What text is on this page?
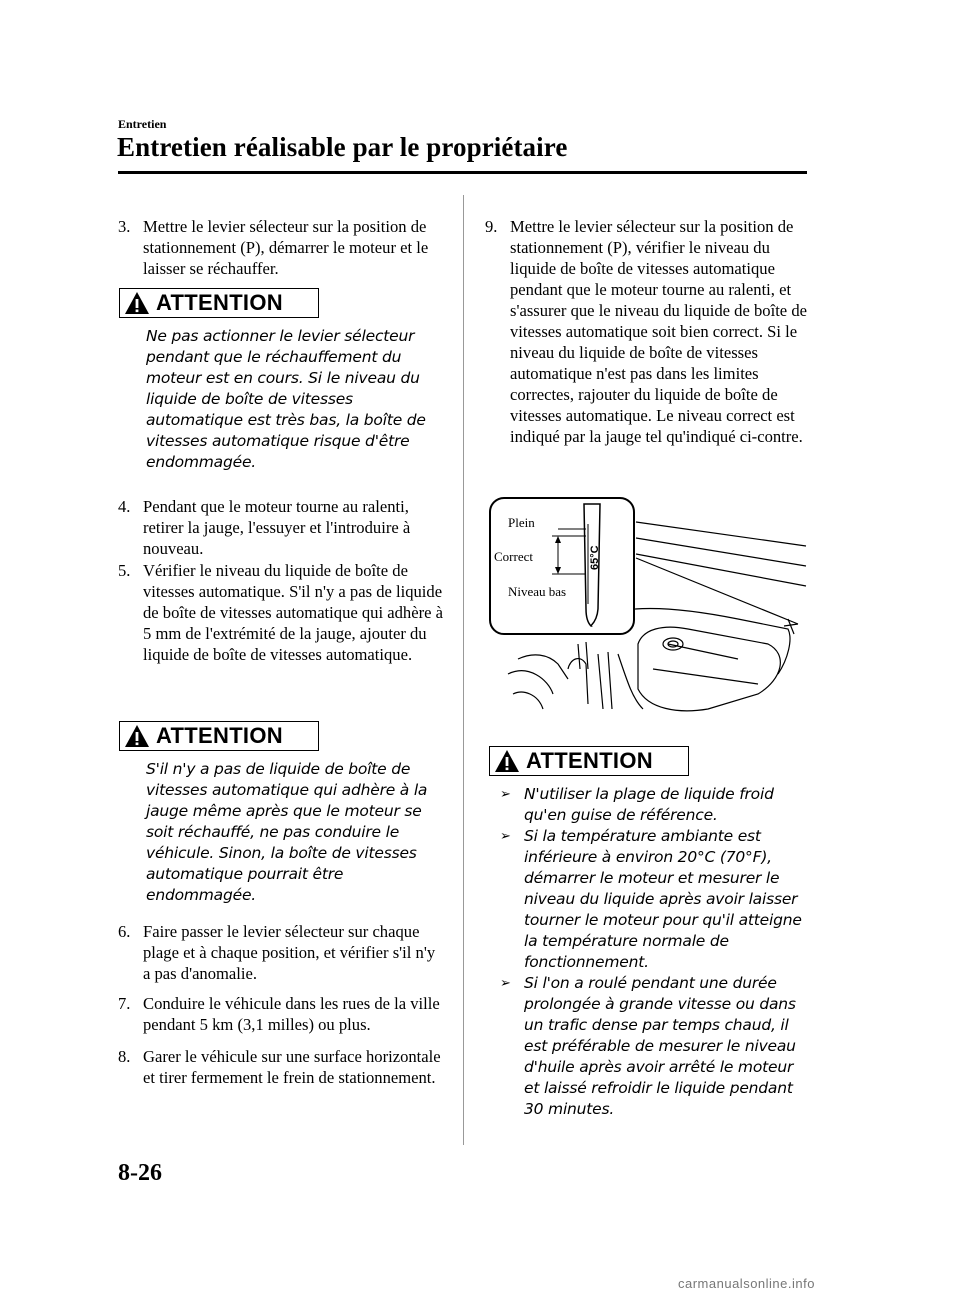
Entretien
Entretien réalisable par le propriétaire
3. Mettre le levier sélecteur sur la position de stationnement (P), démarrer le moteur et le laisser se réchauffer.
ATTENTION
Ne pas actionner le levier sélecteur pendant que le réchauffement du moteur est en cours. Si le niveau du liquide de boîte de vitesses automatique est très bas, la boîte de vitesses automatique risque d'être endommagée.
4. Pendant que le moteur tourne au ralenti, retirer la jauge, l'essuyer et l'introduire à nouveau.
5. Vérifier le niveau du liquide de boîte de vitesses automatique. S'il n'y a pas de liquide de boîte de vitesses automatique qui adhère à 5 mm de l'extrémité de la jauge, ajouter du liquide de boîte de vitesses automatique.
ATTENTION
S'il n'y a pas de liquide de boîte de vitesses automatique qui adhère à la jauge même après que le moteur se soit réchauffé, ne pas conduire le véhicule. Sinon, la boîte de vitesses automatique pourrait être endommagée.
6. Faire passer le levier sélecteur sur chaque plage et à chaque position, et vérifier s'il n'y a pas d'anomalie.
7. Conduire le véhicule dans les rues de la ville pendant 5 km (3,1 milles) ou plus.
8. Garer le véhicule sur une surface horizontale et tirer fermement le frein de stationnement.
9. Mettre le levier sélecteur sur la position de stationnement (P), vérifier le niveau du liquide de boîte de vitesses automatique pendant que le moteur tourne au ralenti, et s'assurer que le niveau du liquide de boîte de vitesses automatique soit bien correct. Si le niveau du liquide de boîte de vitesses automatique n'est pas dans les limites correctes, rajouter du liquide de boîte de vitesses automatique. Le niveau correct est indiqué par la jauge tel qu'indiqué ci-contre.
Plein
Correct
Niveau bas
65°C
ATTENTION
➢ N'utiliser la plage de liquide froid qu'en guise de référence.
➢ Si la température ambiante est inférieure à environ 20°C (70°F), démarrer le moteur et mesurer le niveau du liquide après avoir laisser tourner le moteur pour qu'il atteigne la température normale de fonctionnement.
➢ Si l'on a roulé pendant une durée prolongée à grande vitesse ou dans un trafic dense par temps chaud, il est préférable de mesurer le niveau d'huile après avoir arrêté le moteur et laissé refroidir le liquide pendant 30 minutes.
8-26
carmanualsonline.info
